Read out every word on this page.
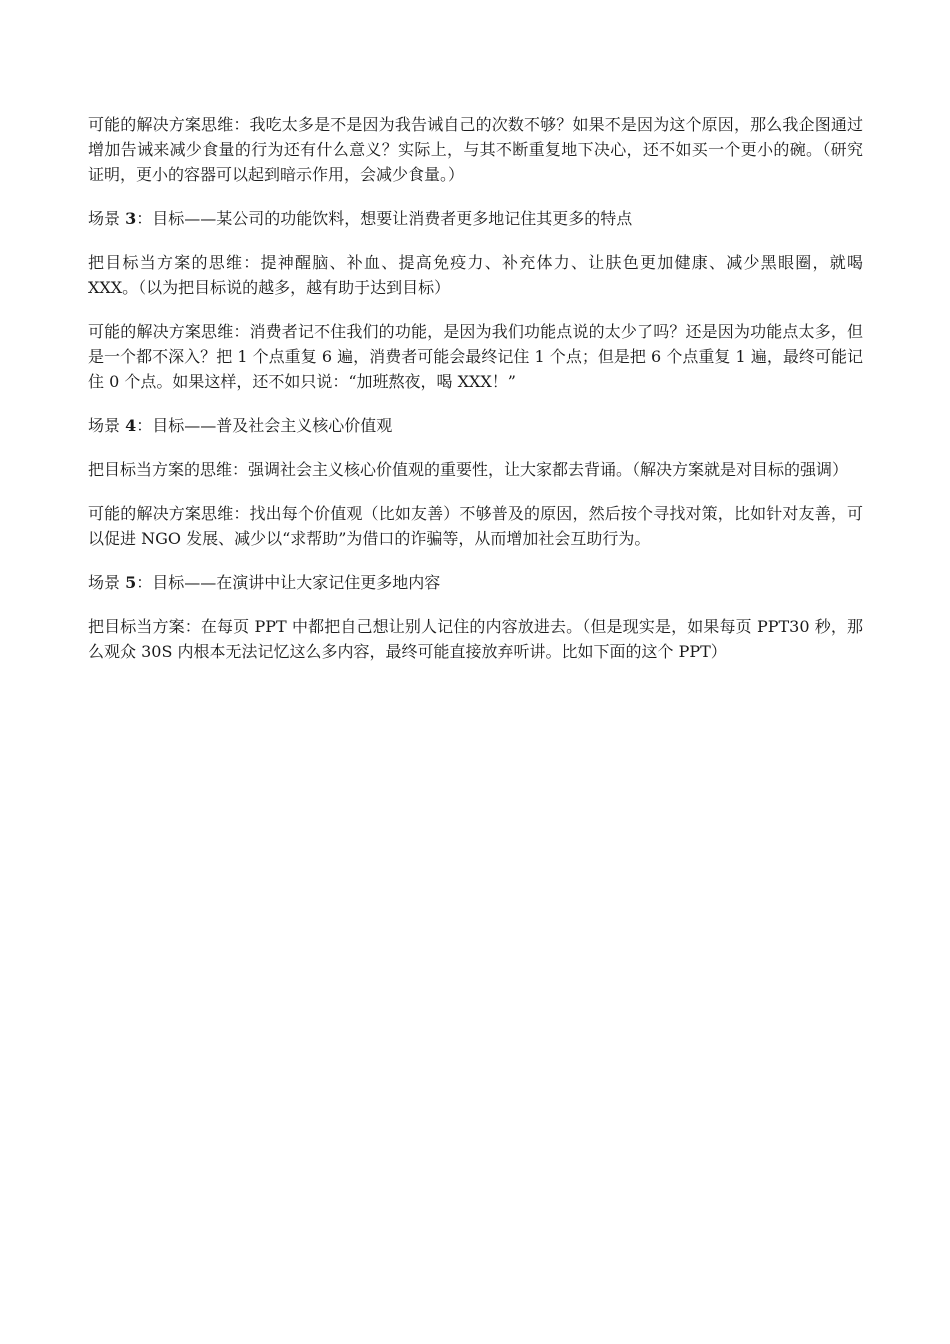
可能的解决方案思维：我吃太多是不是因为我告诫自己的次数不够？如果不是因为这个原因，那么我企图通过增加告诫来减少食量的行为还有什么意义？实际上，与其不断重复地下决心，还不如买一个更小的碗。（研究证明，更小的容器可以起到暗示作用，会减少食量。）

场景 3：目标——某公司的功能饮料，想要让消费者更多地记住其更多的特点

把目标当方案的思维：提神醒脑、补血、提高免疫力、补充体力、让肤色更加健康、减少黑眼圈，就喝 XXX。（以为把目标说的越多，越有助于达到目标）

可能的解决方案思维：消费者记不住我们的功能，是因为我们功能点说的太少了吗？还是因为功能点太多，但是一个都不深入？把 1 个点重复 6 遍，消费者可能会最终记住 1 个点；但是把 6 个点重复 1 遍，最终可能记住 0 个点。如果这样，还不如只说：“加班熬夜，喝 XXX！”

场景 4：目标——普及社会主义核心价值观

把目标当方案的思维：强调社会主义核心价值观的重要性，让大家都去背诵。（解决方案就是对目标的强调）

可能的解决方案思维：找出每个价值观（比如友善）不够普及的原因，然后按个寻找对策，比如针对友善，可以促进 NGO 发展、减少以“求帮助”为借口的诈骗等，从而增加社会互助行为。

场景 5：目标——在演讲中让大家记住更多地内容

把目标当方案：在每页 PPT 中都把自己想让别人记住的内容放进去。（但是现实是，如果每页 PPT30 秒，那么观众 30S 内根本无法记忆这么多内容，最终可能直接放弃听讲。比如下面的这个 PPT）
